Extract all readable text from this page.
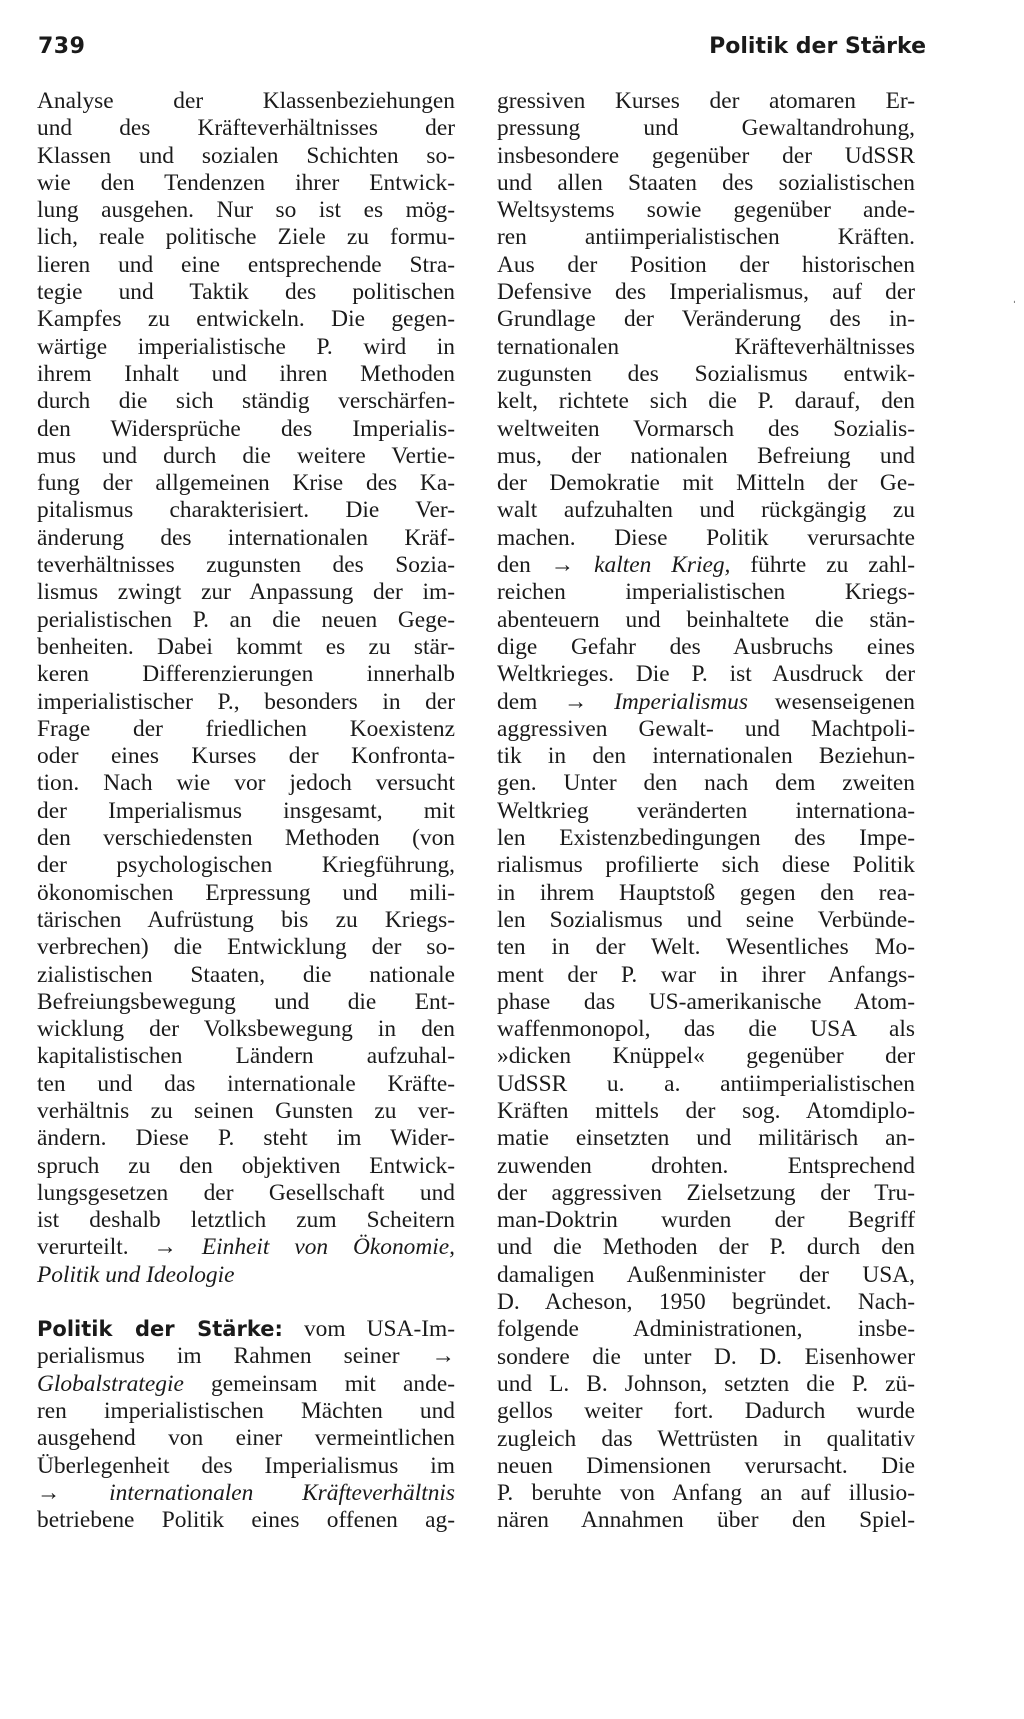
739	Politik der Stärke
Analyse der Klassenbeziehungen
und des Kräfteverhältnisses der
Klassen und sozialen Schichten so-
wie den Tendenzen ihrer Entwick-
lung ausgehen. Nur so ist es mög-
lich, reale politische Ziele zu formu-
lieren und eine entsprechende Stra-
tegie und Taktik des politischen
Kampfes zu entwickeln. Die gegen-
wärtige imperialistische P. wird in
ihrem Inhalt und ihren Methoden
durch die sich ständig verschärfen-
den Widersprüche des Imperialis-
mus und durch die weitere Vertie-
fung der allgemeinen Krise des Ka-
pitalismus charakterisiert. Die Ver-
änderung des internationalen Kräf-
teverhältnisses zugunsten des Sozia-
lismus zwingt zur Anpassung der im-
perialistischen P. an die neuen Gege-
benheiten. Dabei kommt es zu stär-
keren Differenzierungen innerhalb
imperialistischer P., besonders in der
Frage der friedlichen Koexistenz
oder eines Kurses der Konfronta-
tion. Nach wie vor jedoch versucht
der Imperialismus insgesamt, mit
den verschiedensten Methoden (von
der psychologischen Kriegführung,
ökonomischen Erpressung und mili-
tärischen Aufrüstung bis zu Kriegs-
verbrechen) die Entwicklung der so-
zialistischen Staaten, die nationale
Befreiungsbewegung und die Ent-
wicklung der Volksbewegung in den
kapitalistischen Ländern aufzuhal-
ten und das internationale Kräfte-
verhältnis zu seinen Gunsten zu ver-
ändern. Diese P. steht im Wider-
spruch zu den objektiven Entwick-
lungsgesetzen der Gesellschaft und
ist deshalb letztlich zum Scheitern
verurteilt. → Einheit von Ökonomie,
Politik und Ideologie
Politik der Stärke: vom USA-Im-
perialismus im Rahmen seiner →
Globalstrategie gemeinsam mit ande-
ren imperialistischen Mächten und
ausgehend von einer vermeintlichen
Überlegenheit des Imperialismus im
→ internationalen Kräfteverhältnis
betriebene Politik eines offenen ag-
gressiven Kurses der atomaren Er-
pressung und Gewaltandrohung,
insbesondere gegenüber der UdSSR
und allen Staaten des sozialistischen
Weltsystems sowie gegenüber ande-
ren antiimperialistischen Kräften.
Aus der Position der historischen
Defensive des Imperialismus, auf der
Grundlage der Veränderung des in-
ternationalen Kräfteverhältnisses
zugunsten des Sozialismus entwik-
kelt, richtete sich die P. darauf, den
weltweiten Vormarsch des Sozialis-
mus, der nationalen Befreiung und
der Demokratie mit Mitteln der Ge-
walt aufzuhalten und rückgängig zu
machen. Diese Politik verursachte
den → kalten Krieg, führte zu zahl-
reichen imperialistischen Kriegs-
abenteuern und beinhaltete die stän-
dige Gefahr des Ausbruchs eines
Weltkrieges. Die P. ist Ausdruck der
dem → Imperialismus wesenseigenen
aggressiven Gewalt- und Machtpoli-
tik in den internationalen Beziehun-
gen. Unter den nach dem zweiten
Weltkrieg veränderten internationa-
len Existenzbedingungen des Impe-
rialismus profilierte sich diese Politik
in ihrem Hauptstoß gegen den rea-
len Sozialismus und seine Verbünde-
ten in der Welt. Wesentliches Mo-
ment der P. war in ihrer Anfangs-
phase das US-amerikanische Atom-
waffenmonopol, das die USA als
»dicken Knüppel« gegenüber der
UdSSR u. a. antiimperialistischen
Kräften mittels der sog. Atomdiplo-
matie einsetzten und militärisch an-
zuwenden drohten. Entsprechend
der aggressiven Zielsetzung der Tru-
man-Doktrin wurden der Begriff
und die Methoden der P. durch den
damaligen Außenminister der USA,
D. Acheson, 1950 begründet. Nach-
folgende Administrationen, insbe-
sondere die unter D. D. Eisenhower
und L. B. Johnson, setzten die P. zü-
gellos weiter fort. Dadurch wurde
zugleich das Wettrüsten in qualitativ
neuen Dimensionen verursacht. Die
P. beruhte von Anfang an auf illusio-
nären Annahmen über den Spiel-
ˌ
